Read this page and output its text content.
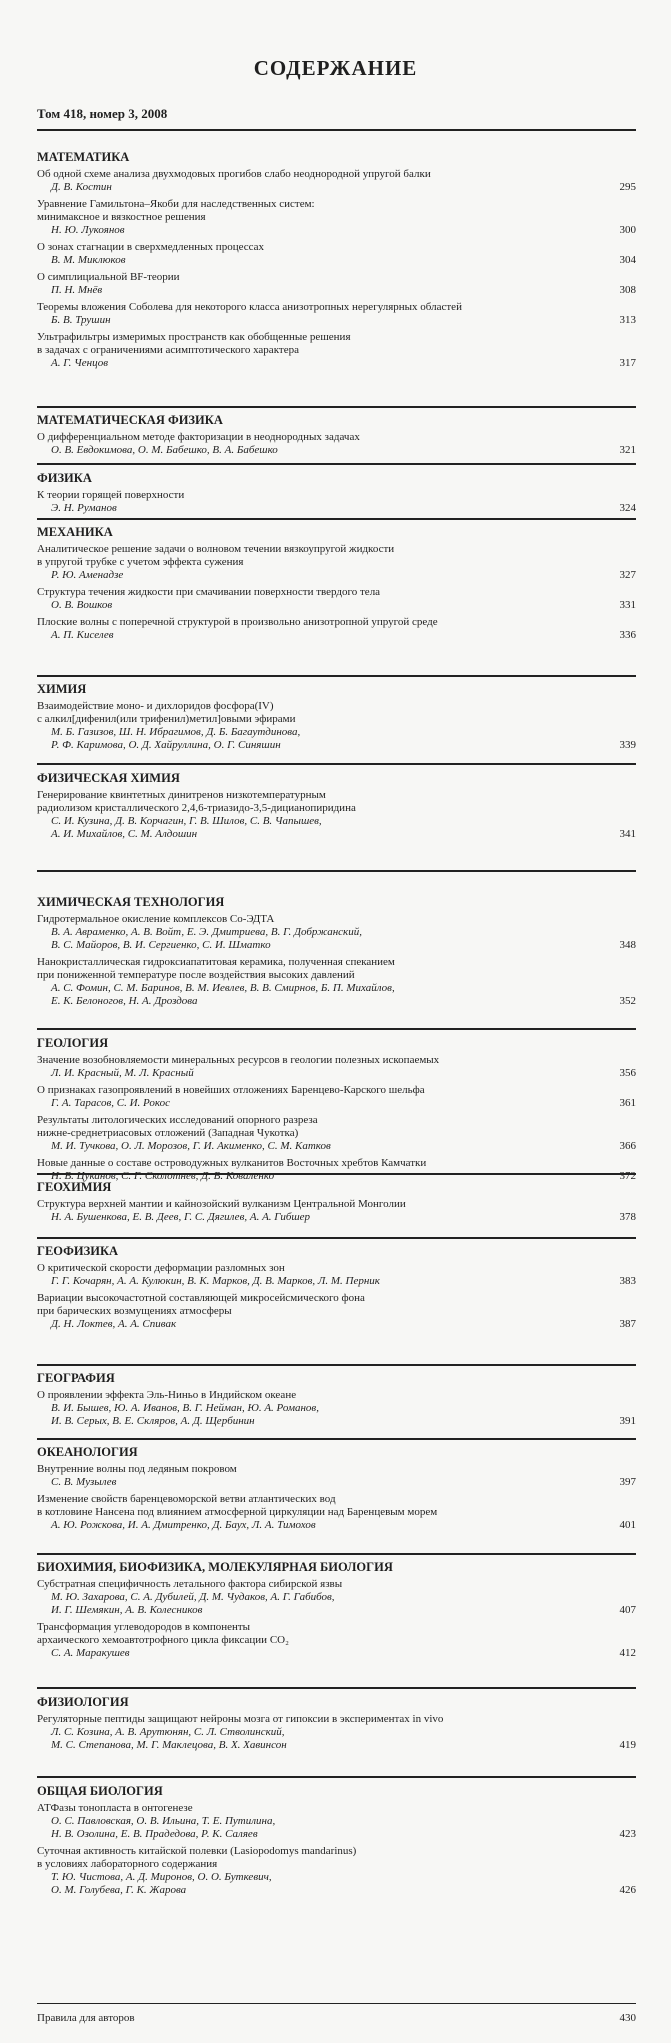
СОДЕРЖАНИЕ
Том 418, номер 3, 2008
МАТЕМАТИКА
Об одной схеме анализа двухмодовых прогибов слабо неоднородной упругой балки
Д. В. Костин	295
Уравнение Гамильтона–Якоби для наследственных систем:
минимаксное и вязкостное решения
Н. Ю. Лукоянов	300
О зонах стагнации в сверхмедленных процессах
В. М. Миклюков	304
О симплициальной BF-теории
П. Н. Мнёв	308
Теоремы вложения Соболева для некоторого класса анизотропных нерегулярных областей
Б. В. Трушин	313
Ультрафильтры измеримых пространств как обобщенные решения
в задачах с ограничениями асимптотического характера
А. Г. Ченцов	317
МАТЕМАТИЧЕСКАЯ ФИЗИКА
О дифференциальном методе факторизации в неоднородных задачах
О. В. Евдокимова, О. М. Бабешко, В. А. Бабешко	321
ФИЗИКА
К теории горящей поверхности
Э. Н. Руманов	324
МЕХАНИКА
Аналитическое решение задачи о волновом течении вязкоупругой жидкости
в упругой трубке с учетом эффекта сужения
Р. Ю. Аменадзе	327
Структура течения жидкости при смачивании поверхности твердого тела
О. В. Вошков	331
Плоские волны с поперечной структурой в произвольно анизотропной упругой среде
А. П. Киселев	336
ХИМИЯ
Взаимодействие моно- и дихлоридов фосфора(IV)
с алкил[дифенил(или трифенил)метил]овыми эфирами
М. Б. Газизов, Ш. Н. Ибрагимов, Д. Б. Багаутдинова,
Р. Ф. Каримова, О. Д. Хайруллина, О. Г. Синяшин	339
ФИЗИЧЕСКАЯ ХИМИЯ
Генерирование квинтетных динитренов низкотемпературным
радиолизом кристаллического 2,4,6-триазидо-3,5-дицианопиридина
С. И. Кузина, Д. В. Корчагин, Г. В. Шилов, С. В. Чапышев,
А. И. Михайлов, С. М. Алдошин	341
ХИМИЧЕСКАЯ ТЕХНОЛОГИЯ
Гидротермальное окисление комплексов Со-ЭДТА
В. А. Авраменко, А. В. Войт, Е. Э. Дмитриева, В. Г. Добржанский,
В. С. Майоров, В. И. Сергиенко, С. И. Шматко	348
Нанокристаллическая гидроксиапатитовая керамика, полученная спеканием
при пониженной температуре после воздействия высоких давлений
А. С. Фомин, С. М. Баринов, В. М. Иевлев, В. В. Смирнов, Б. П. Михайлов,
Е. К. Белоногов, Н. А. Дроздова	352
ГЕОЛОГИЯ
Значение возобновляемости минеральных ресурсов в геологии полезных ископаемых
Л. И. Красный, М. Л. Красный	356
О признаках газопроявлений в новейших отложениях Баренцево-Карского шельфа
Г. А. Тарасов, С. И. Рокос	361
Результаты литологических исследований опорного разреза
нижне-среднетриасовых отложений (Западная Чукотка)
М. И. Тучкова, О. Л. Морозов, Г. И. Акименко, С. М. Катков	366
Новые данные о составе островодужных вулканитов Восточных хребтов Камчатки
Н. В. Цуканов, С. Г. Сколотнев, Д. В. Коваленко	372
ГЕОХИМИЯ
Структура верхней мантии и кайнозойский вулканизм Центральной Монголии
Н. А. Бушенкова, Е. В. Деев, Г. С. Дягилев, А. А. Гибшер	378
ГЕОФИЗИКА
О критической скорости деформации разломных зон
Г. Г. Кочарян, А. А. Кулюкин, В. К. Марков, Д. В. Марков, Л. М. Перник	383
Вариации высокочастотной составляющей микросейсмического фона
при барических возмущениях атмосферы
Д. Н. Локтев, А. А. Спивак	387
ГЕОГРАФИЯ
О проявлении эффекта Эль-Ниньо в Индийском океане
В. И. Бышев, Ю. А. Иванов, В. Г. Нейман, Ю. А. Романов,
И. В. Серых, В. Е. Скляров, А. Д. Щербинин	391
ОКЕАНОЛОГИЯ
Внутренние волны под ледяным покровом
С. В. Музылев	397
Изменение свойств баренцевоморской ветви атлантических вод
в котловине Нансена под влиянием атмосферной циркуляции над Баренцевым морем
А. Ю. Рожкова, И. А. Дмитренко, Д. Баух, Л. А. Тимохов	401
БИОХИМИЯ, БИОФИЗИКА, МОЛЕКУЛЯРНАЯ БИОЛОГИЯ
Субстратная специфичность летального фактора сибирской язвы
М. Ю. Захарова, С. А. Дубилей, Д. М. Чудаков, А. Г. Габибов,
И. Г. Шемякин, А. В. Колесников	407
Трансформация углеводородов в компоненты
архаического хемоавтотрофного цикла фиксации CO₂
С. А. Маракушев	412
ФИЗИОЛОГИЯ
Регуляторные пептиды защищают нейроны мозга от гипоксии в экспериментах in vivo
Л. С. Козина, А. В. Арутюнян, С. Л. Стволинский,
М. С. Степанова, М. Г. Маклецова, В. Х. Хавинсон	419
ОБЩАЯ БИОЛОГИЯ
АТФазы тонопласта в онтогенезе
О. С. Павловская, О. В. Ильина, Т. Е. Путилина,
Н. В. Озолина, Е. В. Прадедова, Р. К. Саляев	423
Суточная активность китайской полевки (Lasiopodomys mandarinus)
в условиях лабораторного содержания
Т. Ю. Чистова, А. Д. Миронов, О. О. Буткевич,
О. М. Голубева, Г. К. Жарова	426
Правила для авторов	430
